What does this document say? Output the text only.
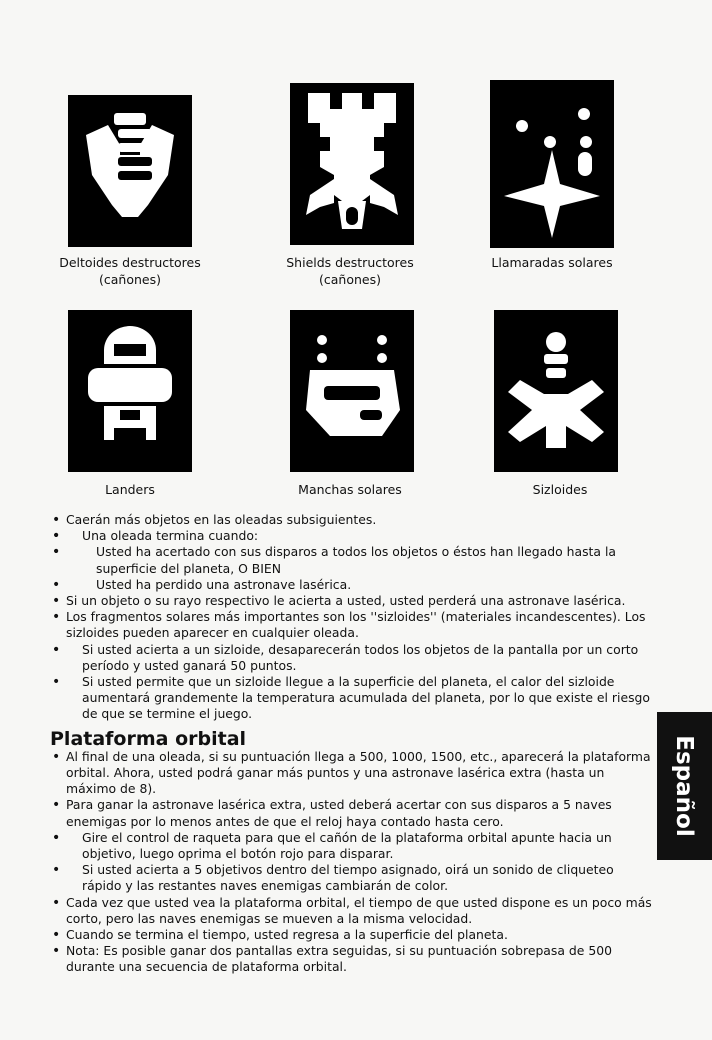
Deltoides destructores
(cañones)
Shields destructores
(cañones)
Llamaradas solares
Landers	Manchas solares	Sizloides
• Caerán más objetos en las oleadas subsiguientes.
• • Una oleada termina cuando:
• • Usted ha acertado con sus disparos a todos los objetos o éstos han llegado hasta la superficie del planeta, O BIEN
• Usted ha perdido una astronave lasérica.
• Si un objeto o su rayo respectivo le acierta a usted, usted perderá una astronave lasérica.
• Los fragmentos solares más importantes son los ''sizloides'' (materiales incandescentes). Los sizloides pueden aparecer en cualquier oleada.
• • Si usted acierta a un sizloide, desaparecerán todos los objetos de la pantalla por un corto período y usted ganará 50 puntos.
• Si usted permite que un sizloide llegue a la superficie del planeta, el calor del sizloide aumentará grandemente la temperatura acumulada del planeta, por lo que existe el riesgo de que se termine el juego.
Plataforma orbital
• Al final de una oleada, si su puntuación llega a 500, 1000, 1500, etc., aparecerá la plataforma orbital. Ahora, usted podrá ganar más puntos y una astronave lasérica extra (hasta un máximo de 8).
• Para ganar la astronave lasérica extra, usted deberá acertar con sus disparos a 5 naves enemigas por lo menos antes de que el reloj haya contado hasta cero.
• • Gire el control de raqueta para que el cañón de la plataforma orbital apunte hacia un objetivo, luego oprima el botón rojo para disparar.
• Si usted acierta a 5 objetivos dentro del tiempo asignado, oirá un sonido de cliqueteo rápido y las restantes naves enemigas cambiarán de color.
• Cada vez que usted vea la plataforma orbital, el tiempo de que usted dispone es un poco más corto, pero las naves enemigas se mueven a la misma velocidad.
• Cuando se termina el tiempo, usted regresa a la superficie del planeta.
• Nota: Es posible ganar dos pantallas extra seguidas, si su puntuación sobrepasa de 500 durante una secuencia de plataforma orbital.
Español
